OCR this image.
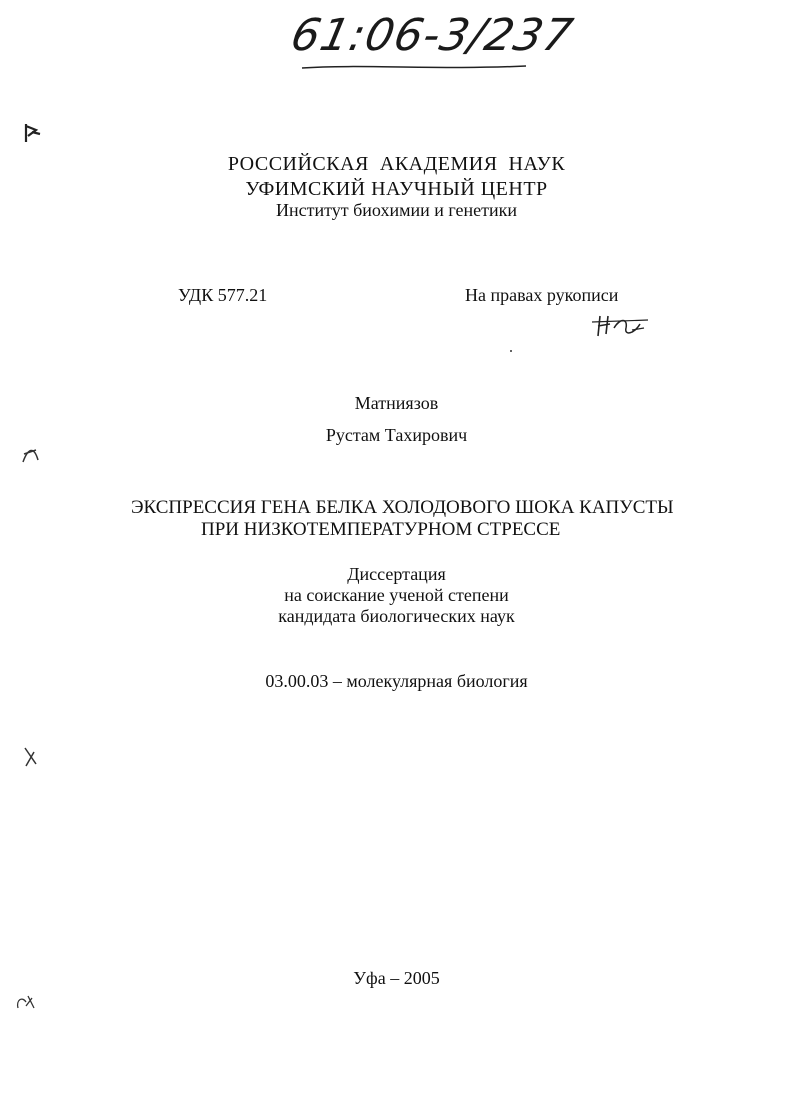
61:06-3/237
РОССИЙСКАЯ  АКАДЕМИЯ  НАУК
УФИМСКИЙ НАУЧНЫЙ ЦЕНТР
Институт биохимии и генетики
УДК 577.21	На правах рукописи
Матниязов
Рустам Тахирович
ЭКСПРЕССИЯ ГЕНА БЕЛКА ХОЛОДОВОГО ШОКА КАПУСТЫ
ПРИ НИЗКОТЕМПЕРАТУРНОМ СТРЕССЕ
Диссертация
на соискание ученой степени
кандидата биологических наук
03.00.03 – молекулярная биология
Уфа – 2005
